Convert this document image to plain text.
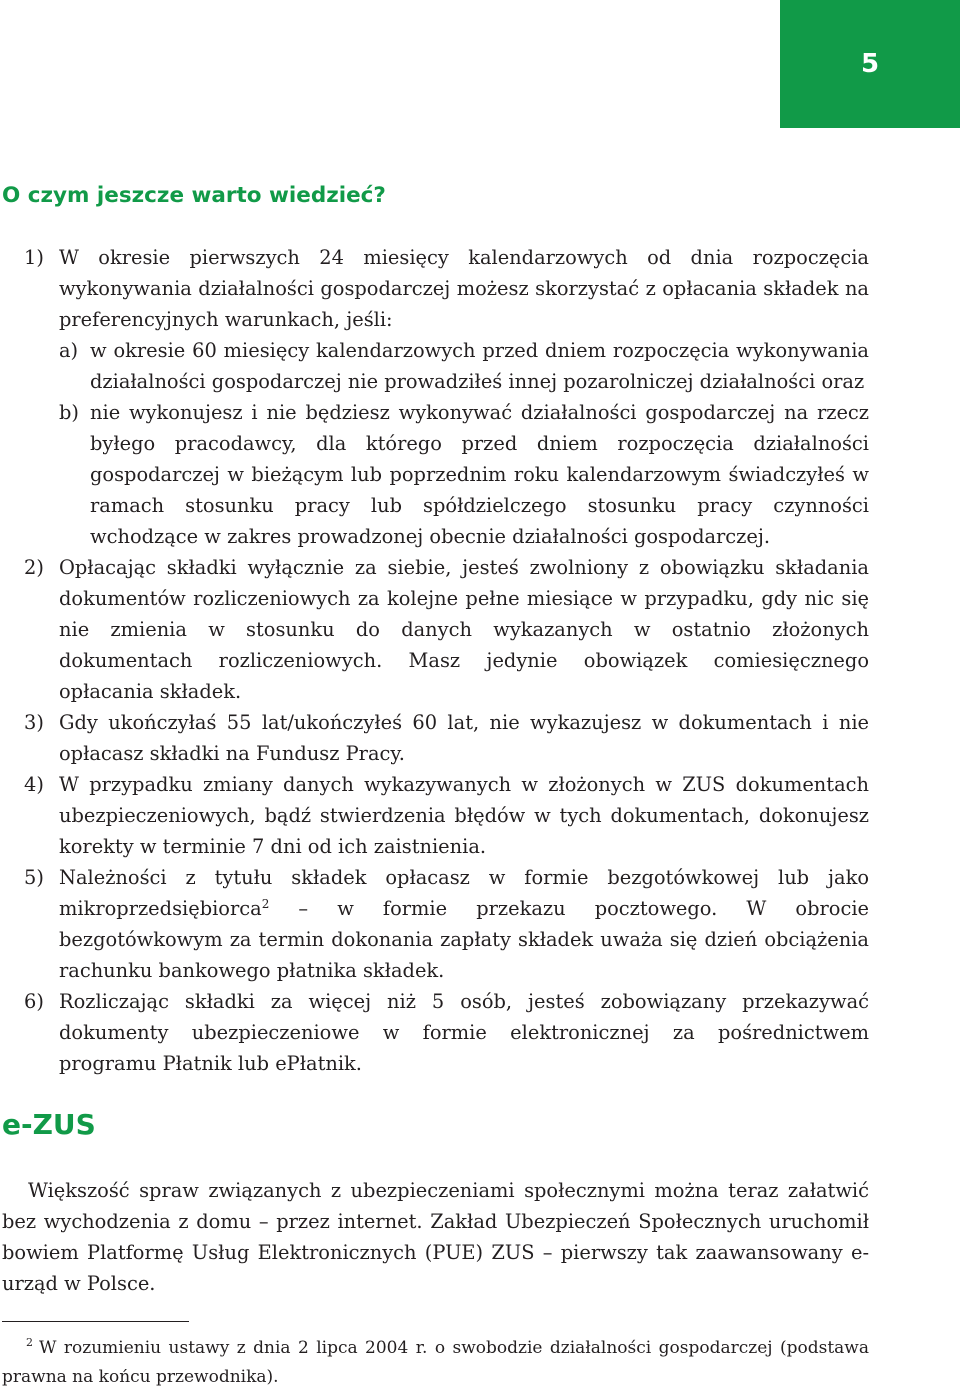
5
O czym jeszcze warto wiedzieć?
1) W okresie pierwszych 24 miesięcy kalendarzowych od dnia rozpoczęcia wykonywania działalności gospodarczej możesz skorzystać z opłacania składek na preferencyjnych warunkach, jeśli:
a) w okresie 60 miesięcy kalendarzowych przed dniem rozpoczęcia wykonywania działalności gospodarczej nie prowadziłeś innej pozarolniczej działalności oraz
b) nie wykonujesz i nie będziesz wykonywać działalności gospodarczej na rzecz byłego pracodawcy, dla którego przed dniem rozpoczęcia działalności gospodarczej w bieżącym lub poprzednim roku kalendarzowym świadczyłeś w ramach stosunku pracy lub spółdzielczego stosunku pracy czynności wchodzące w zakres prowadzonej obecnie działalności gospodarczej.
2) Opłacając składki wyłącznie za siebie, jesteś zwolniony z obowiązku składania dokumentów rozliczeniowych za kolejne pełne miesiące w przypadku, gdy nic się nie zmienia w stosunku do danych wykazanych w ostatnio złożonych dokumentach rozliczeniowych. Masz jedynie obowiązek comiesięcznego opłacania składek.
3) Gdy ukończyłaś 55 lat/ukończyłeś 60 lat, nie wykazujesz w dokumentach i nie opłacasz składki na Fundusz Pracy.
4) W przypadku zmiany danych wykazywanych w złożonych w ZUS dokumentach ubezpieczeniowych, bądź stwierdzenia błędów w tych dokumentach, dokonujesz korekty w terminie 7 dni od ich zaistnienia.
5) Należności z tytułu składek opłacasz w formie bezgotówkowej lub jako mikroprzedsiębiorca$^2$ – w formie przekazu pocztowego. W obrocie bezgotówkowym za termin dokonania zapłaty składek uważa się dzień obciążenia rachunku bankowego płatnika składek.
6) Rozliczając składki za więcej niż 5 osób, jesteś zobowiązany przekazywać dokumenty ubezpieczeniowe w formie elektronicznej za pośrednictwem programu Płatnik lub ePłatnik.
e-ZUS

Większość spraw związanych z ubezpieczeniami społecznymi można teraz załatwić bez wychodzenia z domu – przez internet. Zakład Ubezpieczeń Społecznych uruchomił bowiem Platformę Usług Elektronicznych (PUE) ZUS – pierwszy tak zaawansowany e-urząd w Polsce.

$^2$ W rozumieniu ustawy z dnia 2 lipca 2004 r. o swobodzie działalności gospodarczej (podstawa prawna na końcu przewodnika).
